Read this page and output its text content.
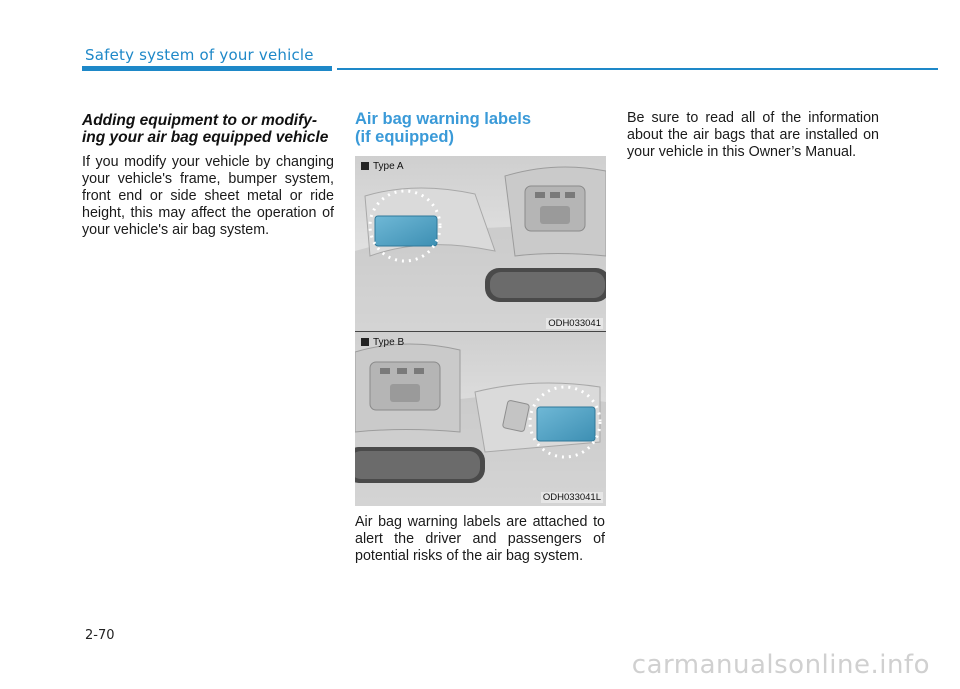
Safety system of your vehicle
Adding equipment to or modify-
ing your air bag equipped vehicle

If you modify your vehicle by changing your vehicle's frame, bumper system, front end or side sheet metal or ride height, this may affect the operation of your vehicle's air bag system.

Air bag warning labels
(if equipped)
Type A
ODH033041
Type B
ODH033041L

Air bag warning labels are attached to alert the driver and passengers of potential risks of the air bag system.

Be sure to read all of the information about the air bags that are installed on your vehicle in this Owner’s Manual.

2-70
carmanualsonline.info
